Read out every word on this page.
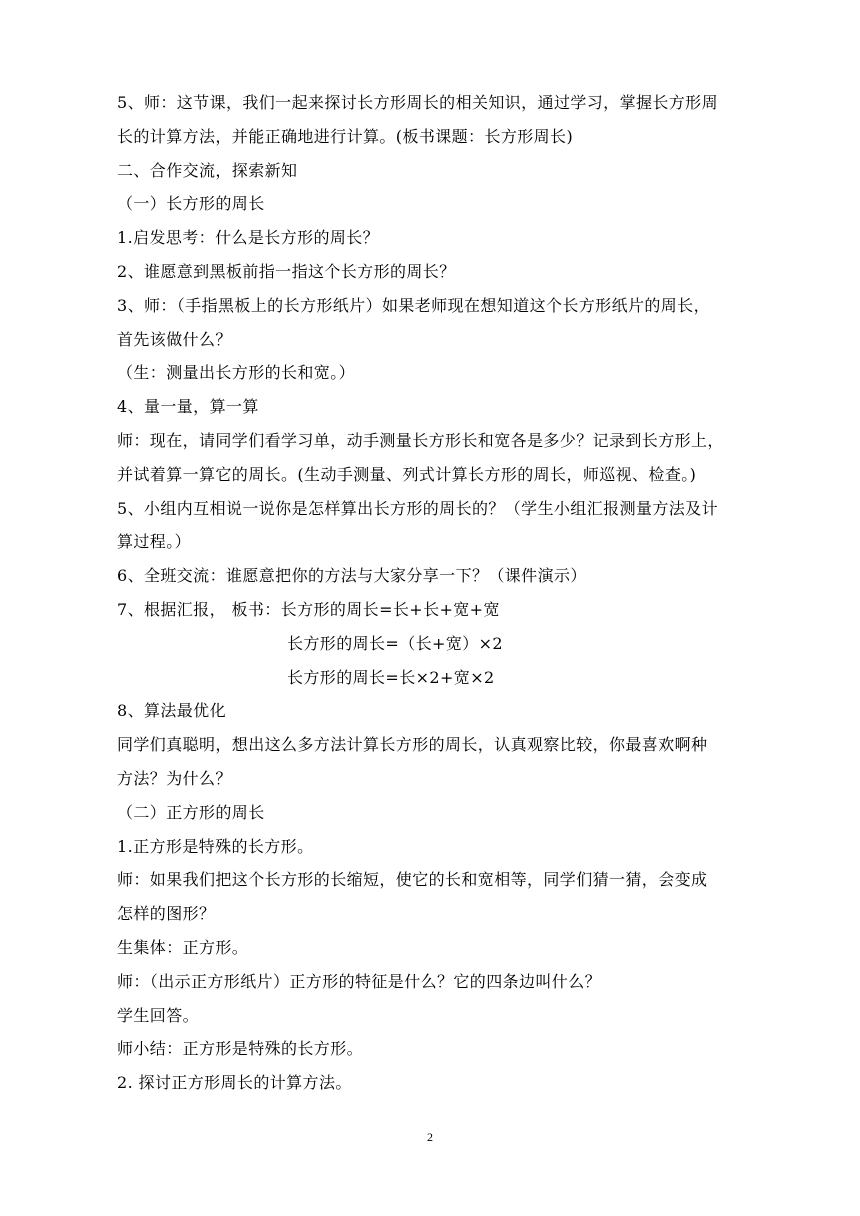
5、师：这节课，我们一起来探讨长方形周长的相关知识，通过学习，掌握长方形周
长的计算方法，并能正确地进行计算。(板书课题：长方形周长)
二、合作交流，探索新知
（一）长方形的周长
1.启发思考：什么是长方形的周长？
2、谁愿意到黑板前指一指这个长方形的周长？
3、师：（手指黑板上的长方形纸片）如果老师现在想知道这个长方形纸片的周长，
首先该做什么？
（生：测量出长方形的长和宽。）
4、量一量，算一算
师：现在，请同学们看学习单，动手测量长方形长和宽各是多少？记录到长方形上，
并试着算一算它的周长。(生动手测量、列式计算长方形的周长，师巡视、检查。)
5、小组内互相说一说你是怎样算出长方形的周长的？（学生小组汇报测量方法及计
算过程。）
6、全班交流：谁愿意把你的方法与大家分享一下？（课件演示）
7、根据汇报， 板书：长方形的周长=长+长+宽+宽
长方形的周长=（长+宽）×2
长方形的周长=长×2+宽×2
8、算法最优化
同学们真聪明，想出这么多方法计算长方形的周长，认真观察比较，你最喜欢啊种
方法？为什么？
（二）正方形的周长
1.正方形是特殊的长方形。
师：如果我们把这个长方形的长缩短，使它的长和宽相等，同学们猜一猜，会变成
怎样的图形？
生集体：正方形。
师：（出示正方形纸片）正方形的特征是什么？它的四条边叫什么？
学生回答。
师小结：正方形是特殊的长方形。
2. 探讨正方形周长的计算方法。
2
